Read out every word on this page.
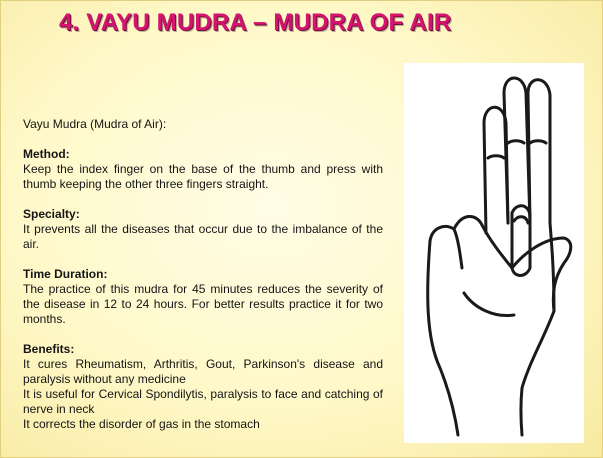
4. VAYU MUDRA – MUDRA OF AIR

Vayu Mudra (Mudra of Air):

Method:

Keep the index finger on the base of the thumb and press with thumb keeping the other three fingers straight.

Specialty:

It prevents all the diseases that occur due to the imbalance of the air.

Time Duration:

The practice of this mudra for 45 minutes reduces the severity of the disease in 12 to 24 hours. For better results practice it for two months.

Benefits:

It cures Rheumatism, Arthritis, Gout, Parkinson's disease and paralysis without any medicine

It is useful for Cervical Spondilytis, paralysis to face and catching of nerve in neck

It corrects the disorder of gas in the stomach
